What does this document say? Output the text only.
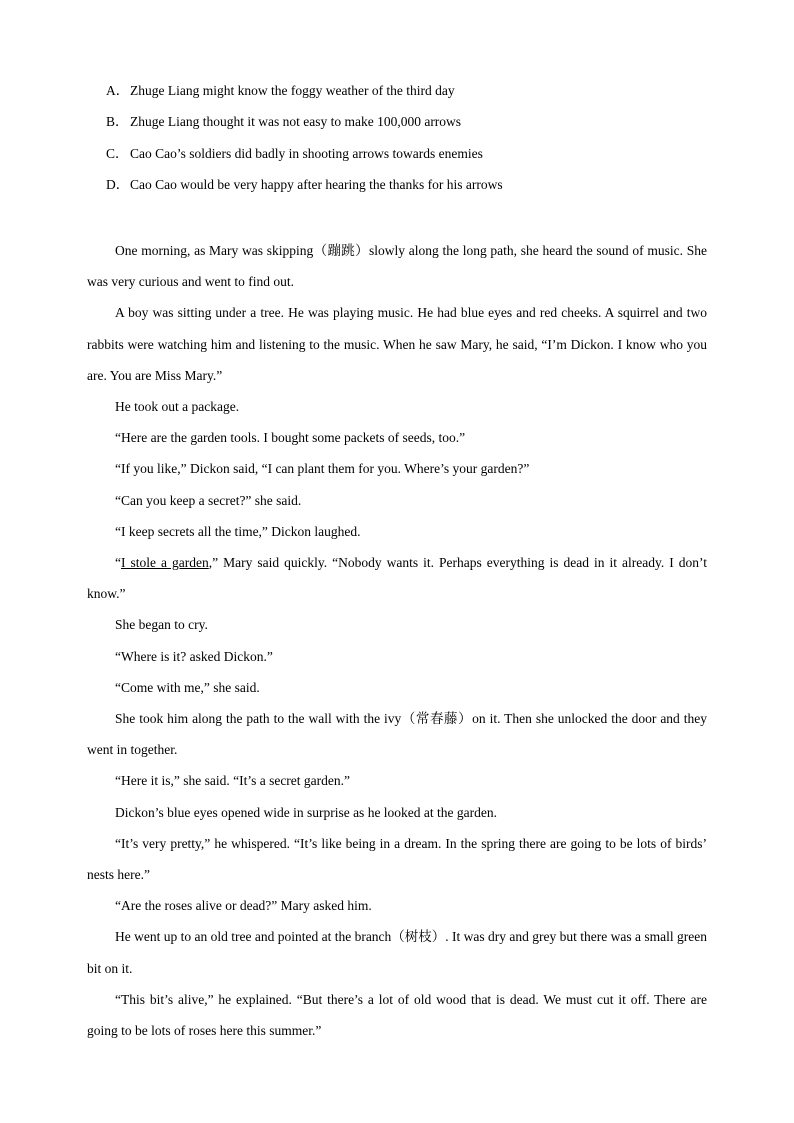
A．Zhuge Liang might know the foggy weather of the third day
B．Zhuge Liang thought it was not easy to make 100,000 arrows
C．Cao Cao’s soldiers did badly in shooting arrows towards enemies
D．Cao Cao would be very happy after hearing the thanks for his arrows

One morning, as Mary was skipping（蹦跳）slowly along the long path, she heard the sound of music. She was very curious and went to find out.

A boy was sitting under a tree. He was playing music. He had blue eyes and red cheeks. A squirrel and two rabbits were watching him and listening to the music. When he saw Mary, he said, “I’m Dickon. I know who you are. You are Miss Mary.”

He took out a package.

“Here are the garden tools. I bought some packets of seeds, too.”

“If you like,” Dickon said, “I can plant them for you. Where’s your garden?”

“Can you keep a secret?” she said.

“I keep secrets all the time,” Dickon laughed.

“I stole a garden,” Mary said quickly. “Nobody wants it. Perhaps everything is dead in it already. I don’t know.”

She began to cry.

“Where is it? asked Dickon.”

“Come with me,” she said.

She took him along the path to the wall with the ivy（常春藤）on it. Then she unlocked the door and they went in together.

“Here it is,” she said. “It’s a secret garden.”

Dickon’s blue eyes opened wide in surprise as he looked at the garden.

“It’s very pretty,” he whispered. “It’s like being in a dream. In the spring there are going to be lots of birds’ nests here.”

“Are the roses alive or dead?” Mary asked him.

He went up to an old tree and pointed at the branch（树枝）. It was dry and grey but there was a small green bit on it.

“This bit’s alive,” he explained. “But there’s a lot of old wood that is dead. We must cut it off. There are going to be lots of roses here this summer.”
